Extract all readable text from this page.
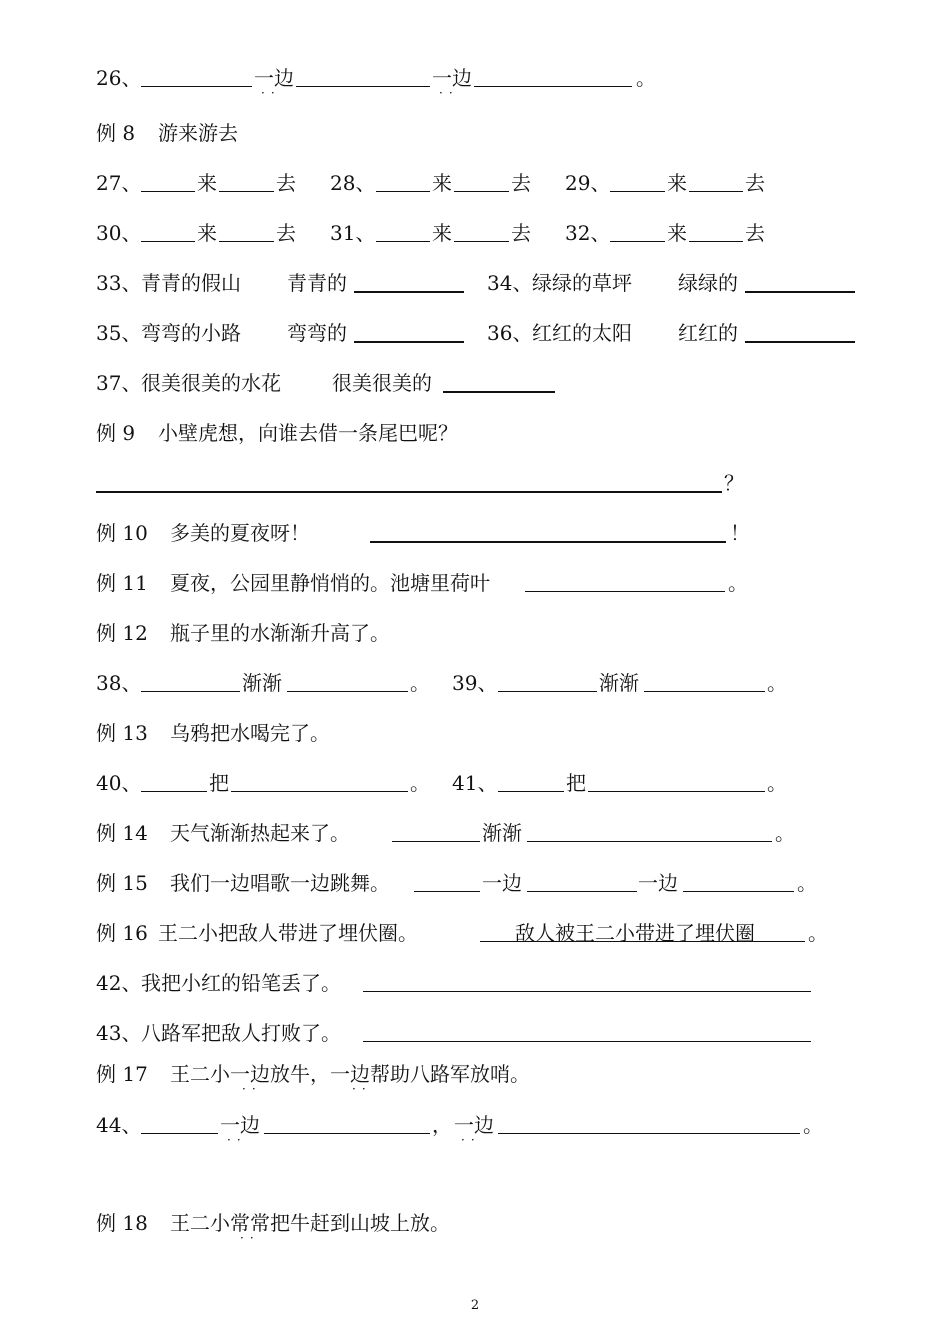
26、	一边
··
一边
··
。
例 8 游来游去
27、	来	去 28、	来	去 29、	来	去
30、	来	去 31、	来	去 32、	来	去
33、 青青的假山 青青的	34、 绿绿的草坪 绿绿的
35、 弯弯的小路 弯弯的	36、 红红的太阳 红红的
37、 很美很美的水花	很美很美的
例 9 小壁虎想，向谁去借一条尾巴呢？
？
例 10 多美的夏夜呀！	！
例 11 夏夜，公园里静悄悄的。池塘里荷叶	。
例 12 瓶子里的水渐渐升高了。
38、	渐渐	。 39、	渐渐	。
例 13 乌鸦把水喝完了。
40、	把	。 41、	把	。
例 14 天气渐渐热起来了。	渐渐	。
例 15 我们一边唱歌一边跳舞。	一边	一边	。
例 16 王二小把敌人带进了埋伏圈。	敌人被王二小带进了埋伏圈	。
42、 我把小红的铅笔丢了。
43、 八路军把敌人打败了。
例 17 王二小一边放牛，一边帮助八路军放哨。
··	··
44、	一边
··
， 一边
··
。
例 18 王二小常常把牛赶到山坡上放。
··
2
